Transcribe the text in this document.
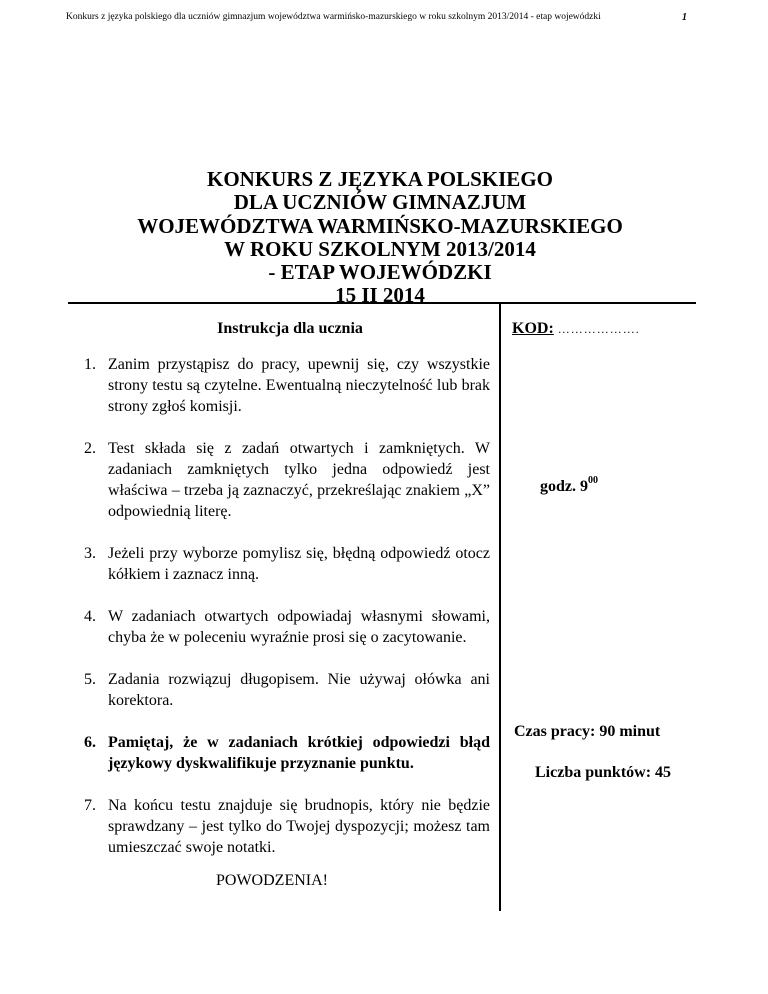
Konkurs z języka polskiego dla uczniów gimnazjum województwa warmińsko-mazurskiego w roku szkolnym 2013/2014 - etap wojewódzki	1
KONKURS Z JĘZYKA POLSKIEGO
DLA UCZNIÓW GIMNAZJUM
WOJEWÓDZTWA WARMIŃSKO-MAZURSKIEGO
W ROKU SZKOLNYM 2013/2014
- ETAP WOJEWÓDZKI
15 II 2014
Instrukcja dla ucznia	KOD: ……………….
1. Zanim przystąpisz do pracy, upewnij się, czy wszystkie strony testu są czytelne. Ewentualną nieczytelność lub brak strony zgłoś komisji.
2. Test składa się z zadań otwartych i zamkniętych. W zadaniach zamkniętych tylko jedna odpowiedź jest właściwa – trzeba ją zaznaczyć, przekreślając znakiem „X” odpowiednią literę.
3. Jeżeli przy wyborze pomylisz się, błędną odpowiedź otocz kółkiem i zaznacz inną.
4. W zadaniach otwartych odpowiadaj własnymi słowami, chyba że w poleceniu wyraźnie prosi się o zacytowanie.
5. Zadania rozwiązuj długopisem. Nie używaj ołówka ani korektora.
6. Pamiętaj, że w zadaniach krótkiej odpowiedzi błąd językowy dyskwalifikuje przyznanie punktu.
7. Na końcu testu znajduje się brudnopis, który nie będzie sprawdzany – jest tylko do Twojej dyspozycji; możesz tam umieszczać swoje notatki.
POWODZENIA!
godz. $9^{00}$
Czas pracy: 90 minut
Liczba punktów: 45
